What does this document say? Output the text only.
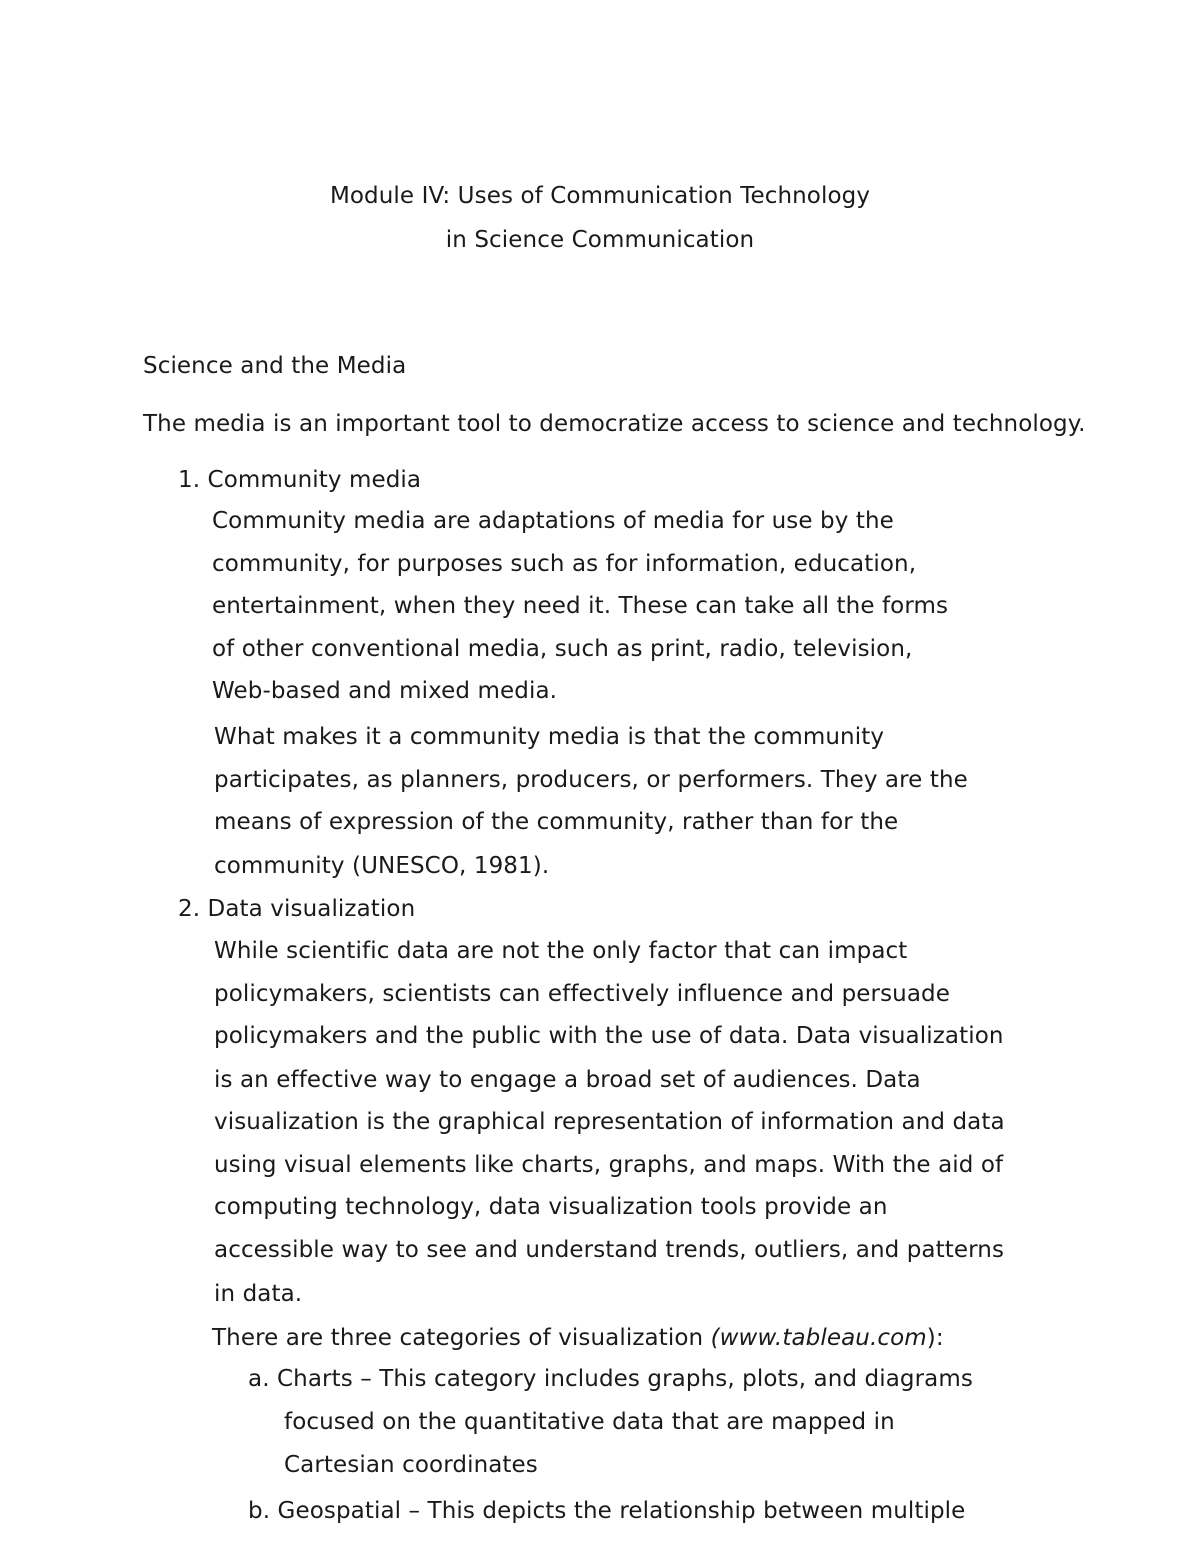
Module IV: Uses of Communication Technology
in Science Communication
Science and the Media
The media is an important tool to democratize access to science and technology.
1. Community media
Community media are adaptations of media for use by the
community, for purposes such as for information, education,
entertainment, when they need it. These can take all the forms
of other conventional media, such as print, radio, television,
Web-based and mixed media.
What makes it a community media is that the community
participates, as planners, producers, or performers. They are the
means of expression of the community, rather than for the
community (UNESCO, 1981).
2. Data visualization
While scientific data are not the only factor that can impact
policymakers, scientists can effectively influence and persuade
policymakers and the public with the use of data. Data visualization
is an effective way to engage a broad set of audiences. Data
visualization is the graphical representation of information and data
using visual elements like charts, graphs, and maps. With the aid of
computing technology, data visualization tools provide an
accessible way to see and understand trends, outliers, and patterns
in data.
There are three categories of visualization (www.tableau.com):
a. Charts – This category includes graphs, plots, and diagrams
focused on the quantitative data that are mapped in
Cartesian coordinates
b. Geospatial – This depicts the relationship between multiple
